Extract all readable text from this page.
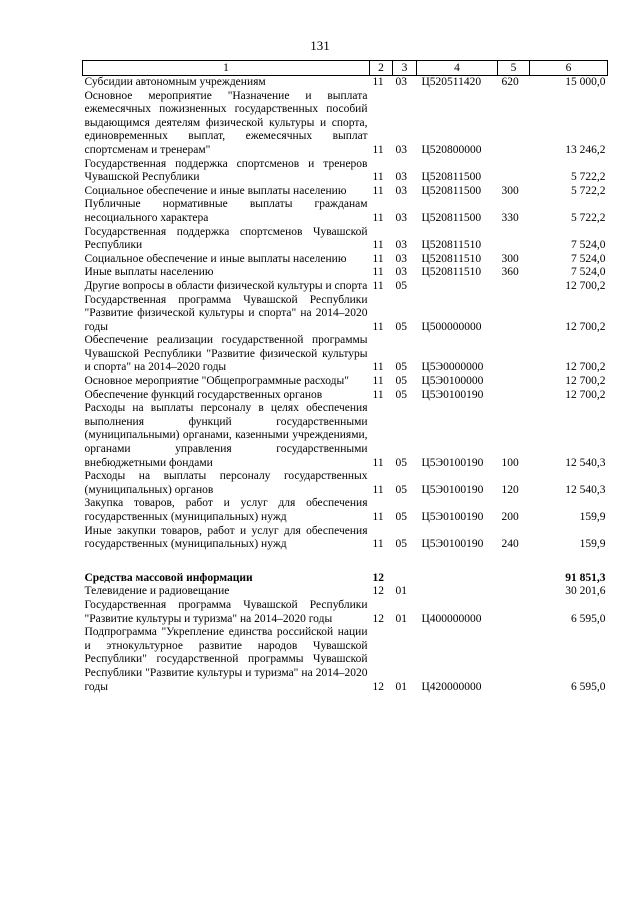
131
1	2	3	4	5	6
Субсидии автономным учреждениям	11	03	Ц520511420	620	15 000,0
Основное мероприятие "Назначение и выплата ежемесячных пожизненных государственных пособий выдающимся деятелям физической культуры и спорта, единовременных выплат, ежемесячных выплат спортсменам и тренерам"	11	03	Ц520800000		13 246,2
Государственная поддержка спортсменов и тренеров Чувашской Республики	11	03	Ц520811500		5 722,2
Социальное обеспечение и иные выплаты населению	11	03	Ц520811500	300	5 722,2
Публичные нормативные выплаты гражданам несоциального характера	11	03	Ц520811500	330	5 722,2
Государственная поддержка спортсменов Чувашской Республики	11	03	Ц520811510		7 524,0
Социальное обеспечение и иные выплаты населению	11	03	Ц520811510	300	7 524,0
Иные выплаты населению	11	03	Ц520811510	360	7 524,0
Другие вопросы в области физической культуры и спорта	11	05			12 700,2
Государственная программа Чувашской Республики "Развитие физической культуры и спорта" на 2014–2020 годы	11	05	Ц500000000		12 700,2
Обеспечение реализации государственной программы Чувашской Республики "Развитие физической культуры и спорта" на 2014–2020 годы	11	05	Ц5Э0000000		12 700,2
Основное мероприятие "Общепрограммные расходы"	11	05	Ц5Э0100000		12 700,2
Обеспечение функций государственных органов	11	05	Ц5Э0100190		12 700,2
Расходы на выплаты персоналу в целях обеспечения выполнения функций государственными (муниципальными) органами, казенными учреждениями, органами управления государственными внебюджетными фондами	11	05	Ц5Э0100190	100	12 540,3
Расходы на выплаты персоналу государственных (муниципальных) органов	11	05	Ц5Э0100190	120	12 540,3
Закупка товаров, работ и услуг для обеспечения государственных (муниципальных) нужд	11	05	Ц5Э0100190	200	159,9
Иные закупки товаров, работ и услуг для обеспечения государственных (муниципальных) нужд	11	05	Ц5Э0100190	240	159,9

Средства массовой информации	12				91 851,3
Телевидение и радиовещание	12	01			30 201,6
Государственная программа Чувашской Республики "Развитие культуры и туризма" на 2014–2020 годы	12	01	Ц400000000		6 595,0
Подпрограмма "Укрепление единства российской нации и этнокультурное развитие народов Чувашской Республики" государственной программы Чувашской Республики "Развитие культуры и туризма" на 2014–2020 годы	12	01	Ц420000000		6 595,0
